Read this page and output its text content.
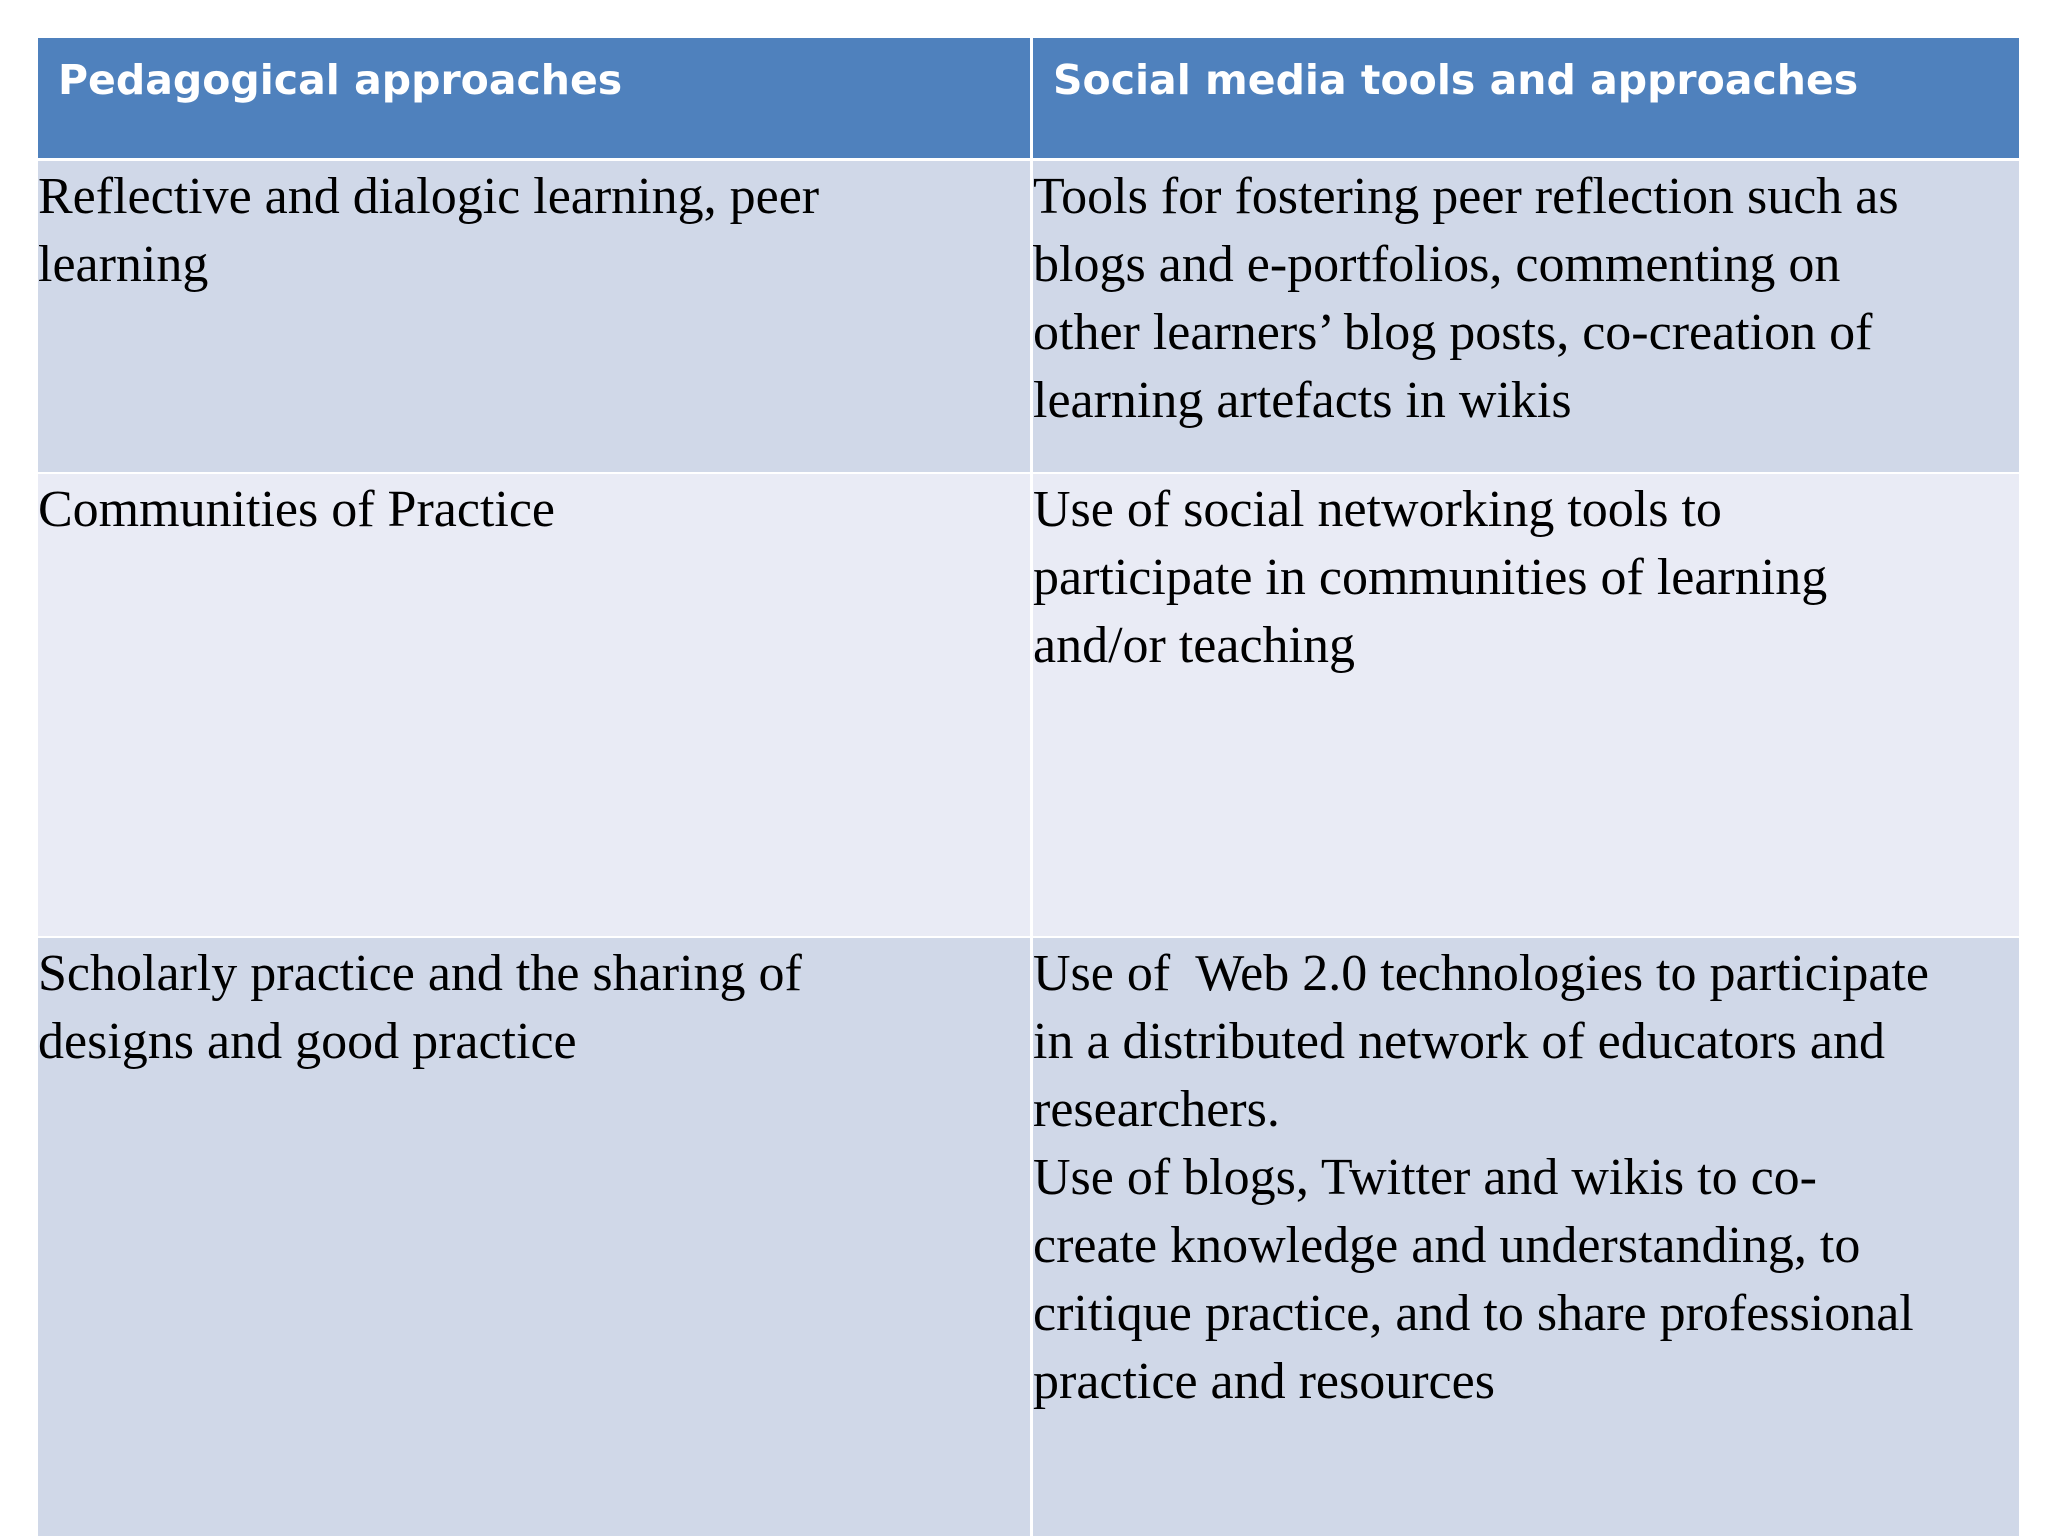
Pedagogical approaches	Social media tools and approaches
Reflective and dialogic learning, peer
learning
Tools for fostering peer reflection such as
blogs and e-portfolios, commenting on
other learners’ blog posts, co-creation of
learning artefacts in wikis
Communities of Practice	Use of social networking tools to
participate in communities of learning
and/or teaching
Scholarly practice and the sharing of
designs and good practice
Use of  Web 2.0 technologies to participate
in a distributed network of educators and
researchers.
Use of blogs, Twitter and wikis to co-
create knowledge and understanding, to
critique practice, and to share professional
practice and resources
